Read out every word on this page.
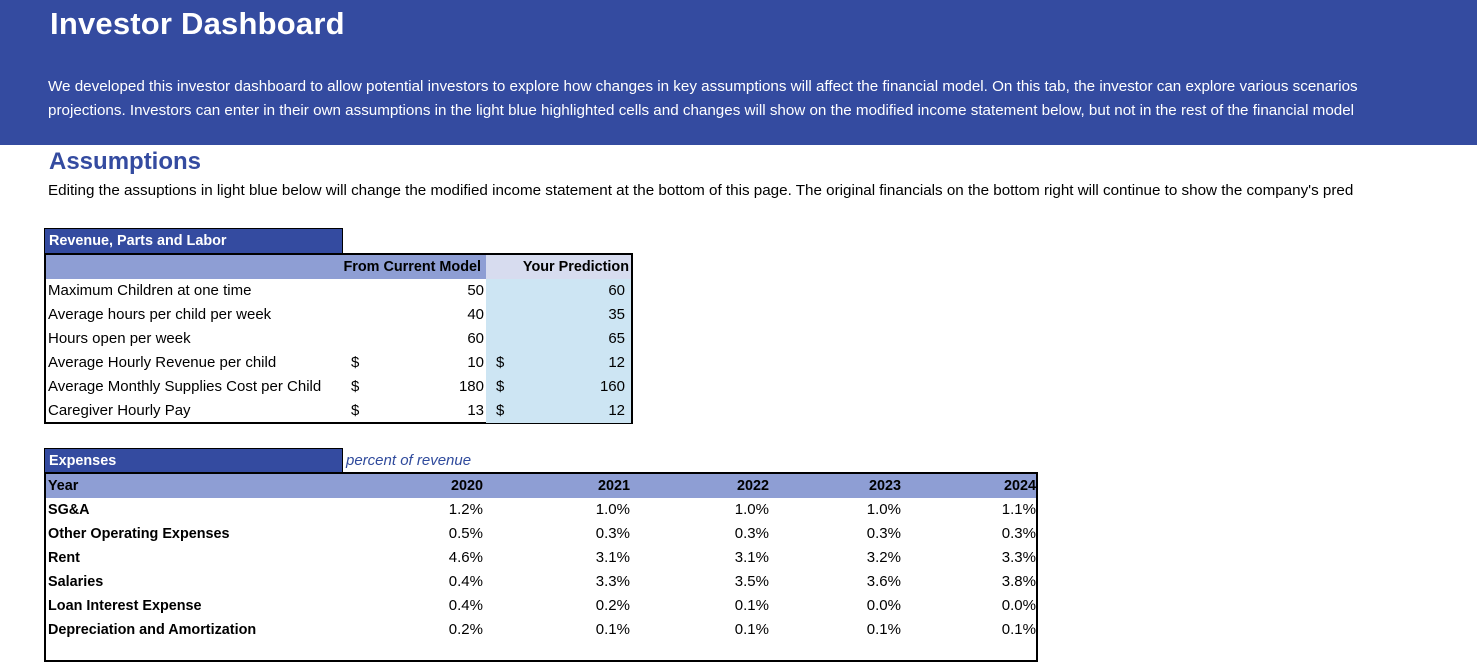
Investor Dashboard
We developed this investor dashboard to allow potential investors to explore how changes in key assumptions will affect the financial model. On this tab, the investor can explore various scenarios
projections. Investors can enter in their own assumptions in the light blue highlighted cells and changes will show on the modified income statement below, but not in the rest of the financial model
Assumptions
Editing the assuptions in light blue below will change the modified income statement at the bottom of this page. The original financials on the bottom right will continue to show the company's pred
Revenue, Parts and Labor
From Current Model	Your Prediction
Maximum Children at one time	50	60
Average hours per child per week	40	35
Hours open per week	60	65
Average Hourly Revenue per child	$	10 $	12
Average Monthly Supplies Cost per Child	$	180 $	160
Caregiver Hourly Pay	$	13 $	12
Expenses	percent of revenue
Year	2020	2021	2022	2023	2024
SG&A	1.2%	1.0%	1.0%	1.0%	1.1%
Other Operating Expenses	0.5%	0.3%	0.3%	0.3%	0.3%
Rent	4.6%	3.1%	3.1%	3.2%	3.3%
Salaries	0.4%	3.3%	3.5%	3.6%	3.8%
Loan Interest Expense	0.4%	0.2%	0.1%	0.0%	0.0%
Depreciation and Amortization	0.2%	0.1%	0.1%	0.1%	0.1%
